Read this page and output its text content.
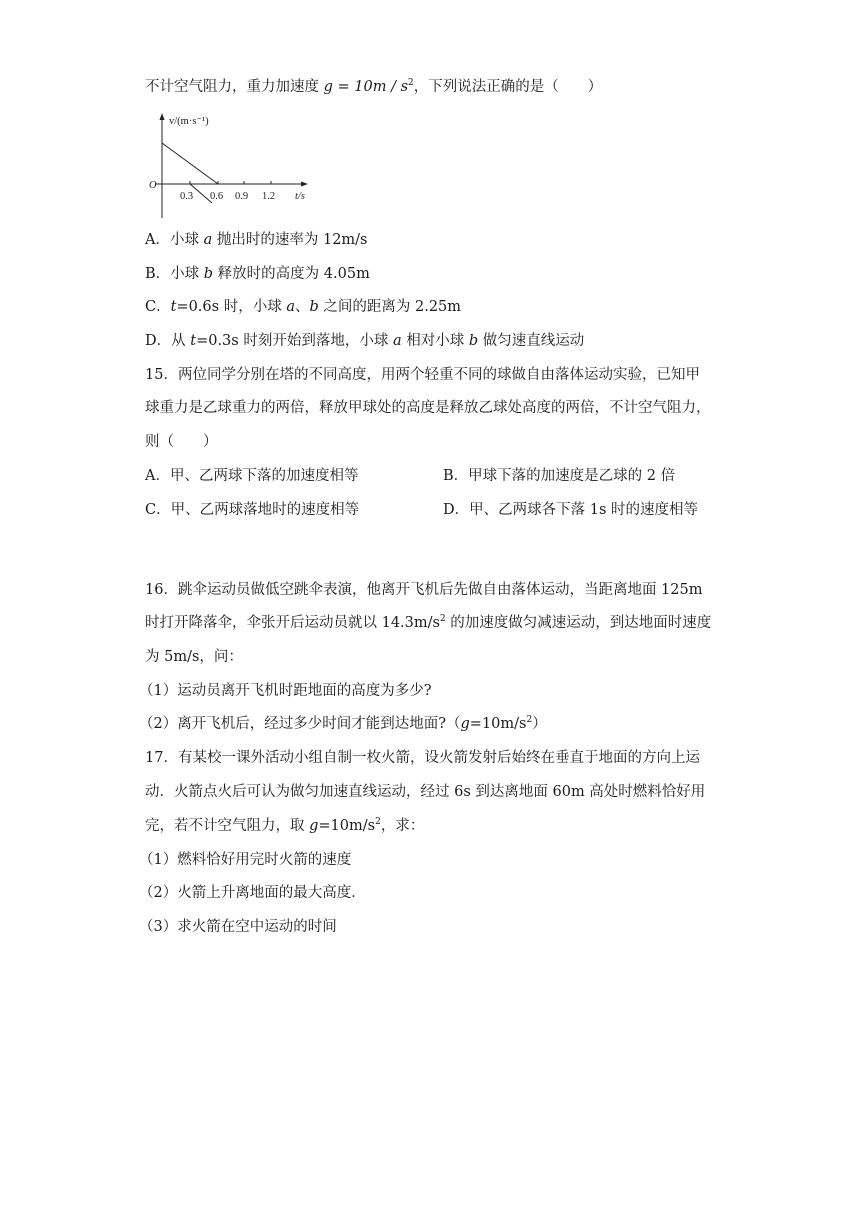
不计空气阻力，重力加速度 $g = 10m / s^2$，下列说法正确的是（　　）
v/(m·s⁻¹)
O
0.3 0.6 0.9 1.2 t/s
A．小球 a 抛出时的速率为 12m/s
B．小球 b 释放时的高度为 4.05m
C．t=0.6s 时，小球 a、b 之间的距离为 2.25m
D．从 t=0.3s 时刻开始到落地，小球 a 相对小球 b 做匀速直线运动
15．两位同学分别在塔的不同高度，用两个轻重不同的球做自由落体运动实验，已知甲
球重力是乙球重力的两倍，释放甲球处的高度是释放乙球处高度的两倍，不计空气阻力，
则（　　）
A．甲、乙两球下落的加速度相等	B．甲球下落的加速度是乙球的 2 倍
C．甲、乙两球落地时的速度相等	D．甲、乙两球各下落 1s 时的速度相等
16．跳伞运动员做低空跳伞表演，他离开飞机后先做自由落体运动，当距离地面 125m
时打开降落伞，伞张开后运动员就以 $14.3m/s^2$ 的加速度做匀减速运动，到达地面时速度
为 5m/s，问：
（1）运动员离开飞机时距地面的高度为多少?
（2）离开飞机后，经过多少时间才能到达地面$?(g=10m/s^2)$
17．有某校一课外活动小组自制一枚火箭，设火箭发射后始终在垂直于地面的方向上运
动．火箭点火后可认为做匀加速直线运动，经过 6s 到达离地面 60m 高处时燃料恰好用
完，若不计空气阻力，取 $g=10m/s^2$，求：
（1）燃料恰好用完时火箭的速度
（2）火箭上升离地面的最大高度．
（3）求火箭在空中运动的时间
